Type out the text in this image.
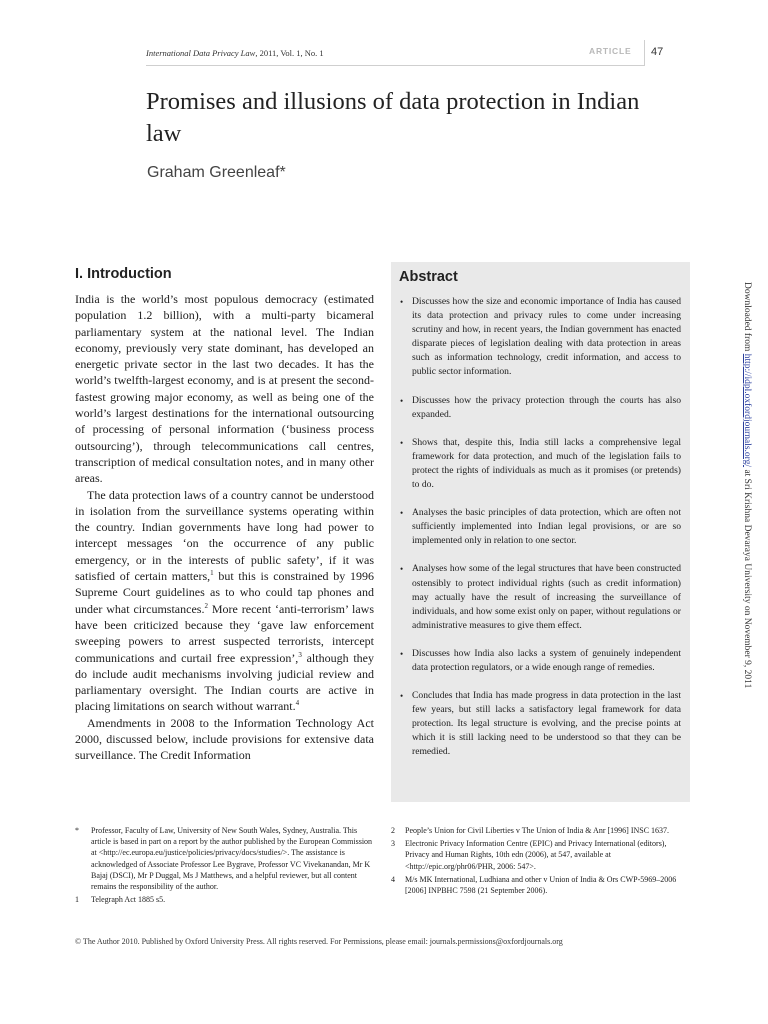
International Data Privacy Law, 2011, Vol. 1, No. 1	ARTICLE 47
Promises and illusions of data protection in Indian law
Graham Greenleaf*
I. Introduction

India is the world’s most populous democracy (estimated population 1.2 billion), with a multi-party bicameral parliamentary system at the national level. The Indian economy, previously very state dominant, has developed an energetic private sector in the last two decades. It has the world’s twelfth-largest economy, and is at present the second-fastest growing major economy, as well as being one of the world’s largest destinations for the international outsourcing of processing of personal information (‘business process outsourcing’), through telecommunications call centres, transcription of medical consultation notes, and in many other areas.

The data protection laws of a country cannot be understood in isolation from the surveillance systems operating within the country. Indian governments have long had power to intercept messages ‘on the occurrence of any public emergency, or in the interests of public safety’, if it was satisfied of certain matters,$^1$ but this is constrained by 1996 Supreme Court guidelines as to who could tap phones and under what circumstances.$^2$ More recent ‘anti-terrorism’ laws have been criticized because they ‘gave law enforcement sweeping powers to arrest suspected terrorists, intercept communications and curtail free expression’,$^3$ although they do include audit mechanisms involving judicial review and parliamentary oversight. The Indian courts are active in placing limitations on search without warrant.$^4$

Amendments in 2008 to the Information Technology Act 2000, discussed below, include provisions for extensive data surveillance. The Credit Information

Abstract
• Discusses how the size and economic importance of India has caused its data protection and privacy rules to come under increasing scrutiny and how, in recent years, the Indian government has enacted disparate pieces of legislation dealing with data protection in areas such as information technology, credit information, and access to public sector information.
• Discusses how the privacy protection through the courts has also expanded.
• Shows that, despite this, India still lacks a comprehensive legal framework for data protection, and much of the legislation fails to protect the rights of individuals as much as it promises (or pretends) to do.
• Analyses the basic principles of data protection, which are often not sufficiently implemented into Indian legal provisions, or are so implemented only in relation to one sector.
• Analyses how some of the legal structures that have been constructed ostensibly to protect individual rights (such as credit information) may actually have the result of increasing the surveillance of individuals, and how some exist only on paper, without regulations or administrative measures to give them effect.
• Discusses how India also lacks a system of genuinely independent data protection regulators, or a wide enough range of remedies.
• Concludes that India has made progress in data protection in the last few years, but still lacks a satisfactory legal framework for data protection. Its legal structure is evolving, and the precise points at which it is still lacking need to be understood so that they can be remedied.
* Professor, Faculty of Law, University of New South Wales, Sydney, Australia. This article is based in part on a report by the author published by the European Commission at <http://ec.europa.eu/justice/policies/privacy/docs/studies/>. The assistance is acknowledged of Associate Professor Lee Bygrave, Professor VC Vivekanandan, Mr K Bajaj (DSCI), Mr P Duggal, Ms J Matthews, and a helpful reviewer, but all content remains the responsibility of the author.
1 Telegraph Act 1885 s5.
2 People’s Union for Civil Liberties v The Union of India & Anr [1996] INSC 1637.
3 Electronic Privacy Information Centre (EPIC) and Privacy International (editors), Privacy and Human Rights, 10th edn (2006), at 547, available at <http://epic.org/phr06/PHR, 2006: 547>.
4 M/s MK International, Ludhiana and other v Union of India & Ors CWP-5969–2006 [2006] INPBHC 7598 (21 September 2006).
© The Author 2010. Published by Oxford University Press. All rights reserved. For Permissions, please email: journals.permissions@oxfordjournals.org
Downloaded from http://idpl.oxfordjournals.org/ at Sri Krishna Devaraya University on November 9, 2011
